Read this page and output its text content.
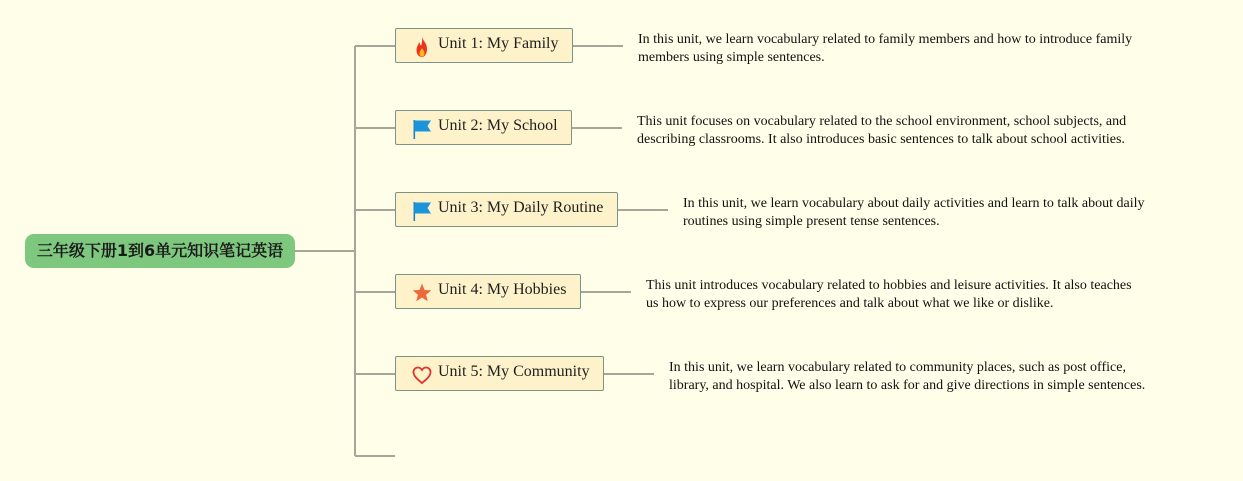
三年级下册1到6单元知识笔记英语
Unit 1: My Family
Unit 2: My School
Unit 3: My Daily Routine
Unit 4: My Hobbies
Unit 5: My Community
In this unit, we learn vocabulary related to family members and how to introduce family members using simple sentences.
This unit focuses on vocabulary related to the school environment, school subjects, and describing classrooms. It also introduces basic sentences to talk about school activities.
In this unit, we learn vocabulary about daily activities and learn to talk about daily routines using simple present tense sentences.
This unit introduces vocabulary related to hobbies and leisure activities. It also teaches us how to express our preferences and talk about what we like or dislike.
In this unit, we learn vocabulary related to community places, such as post office, library, and hospital. We also learn to ask for and give directions in simple sentences.
